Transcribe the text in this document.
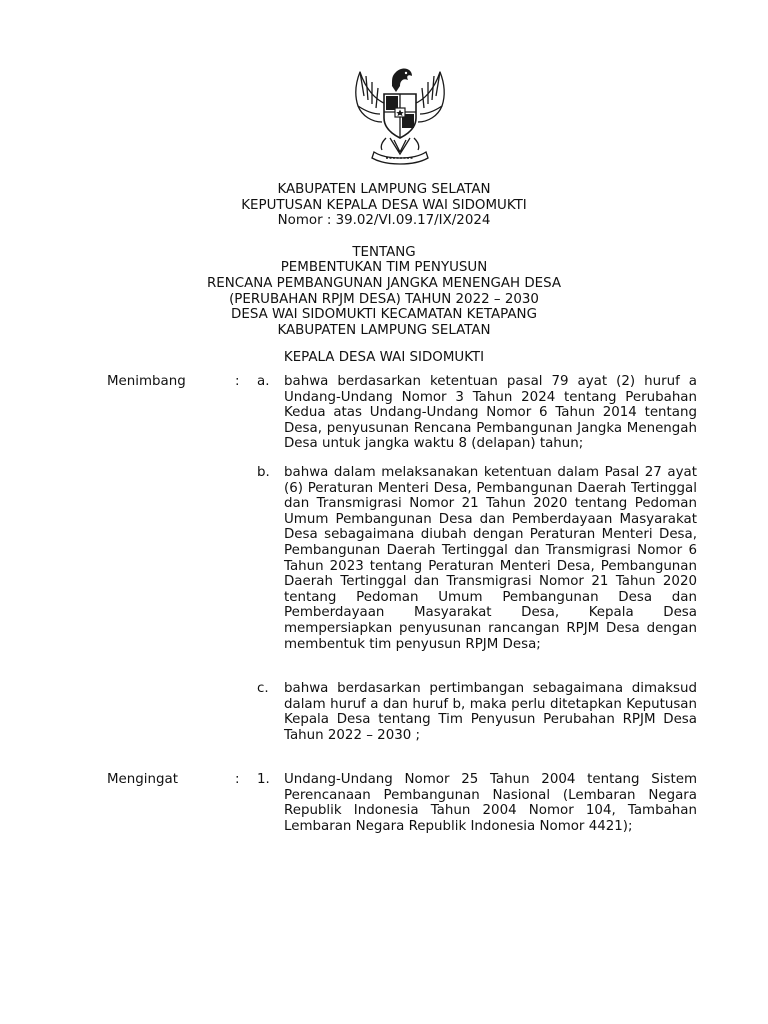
KABUPATEN LAMPUNG SELATAN
KEPUTUSAN KEPALA DESA WAI SIDOMUKTI
Nomor : 39.02/VI.09.17/IX/2024
TENTANG
PEMBENTUKAN TIM PENYUSUN
RENCANA PEMBANGUNAN JANGKA MENENGAH DESA
(PERUBAHAN RPJM DESA) TAHUN 2022 – 2030
DESA WAI SIDOMUKTI KECAMATAN KETAPANG
KABUPATEN LAMPUNG SELATAN
KEPALA DESA WAI SIDOMUKTI
Menimbang	: a. bahwa berdasarkan ketentuan pasal 79 ayat (2) huruf a Undang-Undang Nomor 3 Tahun 2024 tentang Perubahan Kedua atas Undang-Undang Nomor 6 Tahun 2014 tentang Desa, penyusunan Rencana Pembangunan Jangka Menengah Desa untuk jangka waktu 8 (delapan) tahun;
b. bahwa dalam melaksanakan ketentuan dalam Pasal 27 ayat (6) Peraturan Menteri Desa, Pembangunan Daerah Tertinggal dan Transmigrasi Nomor 21 Tahun 2020 tentang Pedoman Umum Pembangunan Desa dan Pemberdayaan Masyarakat Desa sebagaimana diubah dengan Peraturan Menteri Desa, Pembangunan Daerah Tertinggal dan Transmigrasi Nomor 6 Tahun 2023 tentang Peraturan Menteri Desa, Pembangunan Daerah Tertinggal dan Transmigrasi Nomor 21 Tahun 2020 tentang Pedoman Umum Pembangunan Desa dan Pemberdayaan Masyarakat Desa, Kepala Desa mempersiapkan penyusunan rancangan RPJM Desa dengan membentuk tim penyusun RPJM Desa;
c. bahwa berdasarkan pertimbangan sebagaimana dimaksud dalam huruf a dan huruf b, maka perlu ditetapkan Keputusan Kepala Desa tentang Tim Penyusun Perubahan RPJM Desa Tahun 2022 – 2030 ;
Mengingat	: 1. Undang-Undang Nomor 25 Tahun 2004 tentang Sistem Perencanaan Pembangunan Nasional (Lembaran Negara Republik Indonesia Tahun 2004 Nomor 104, Tambahan Lembaran Negara Republik Indonesia Nomor 4421);
